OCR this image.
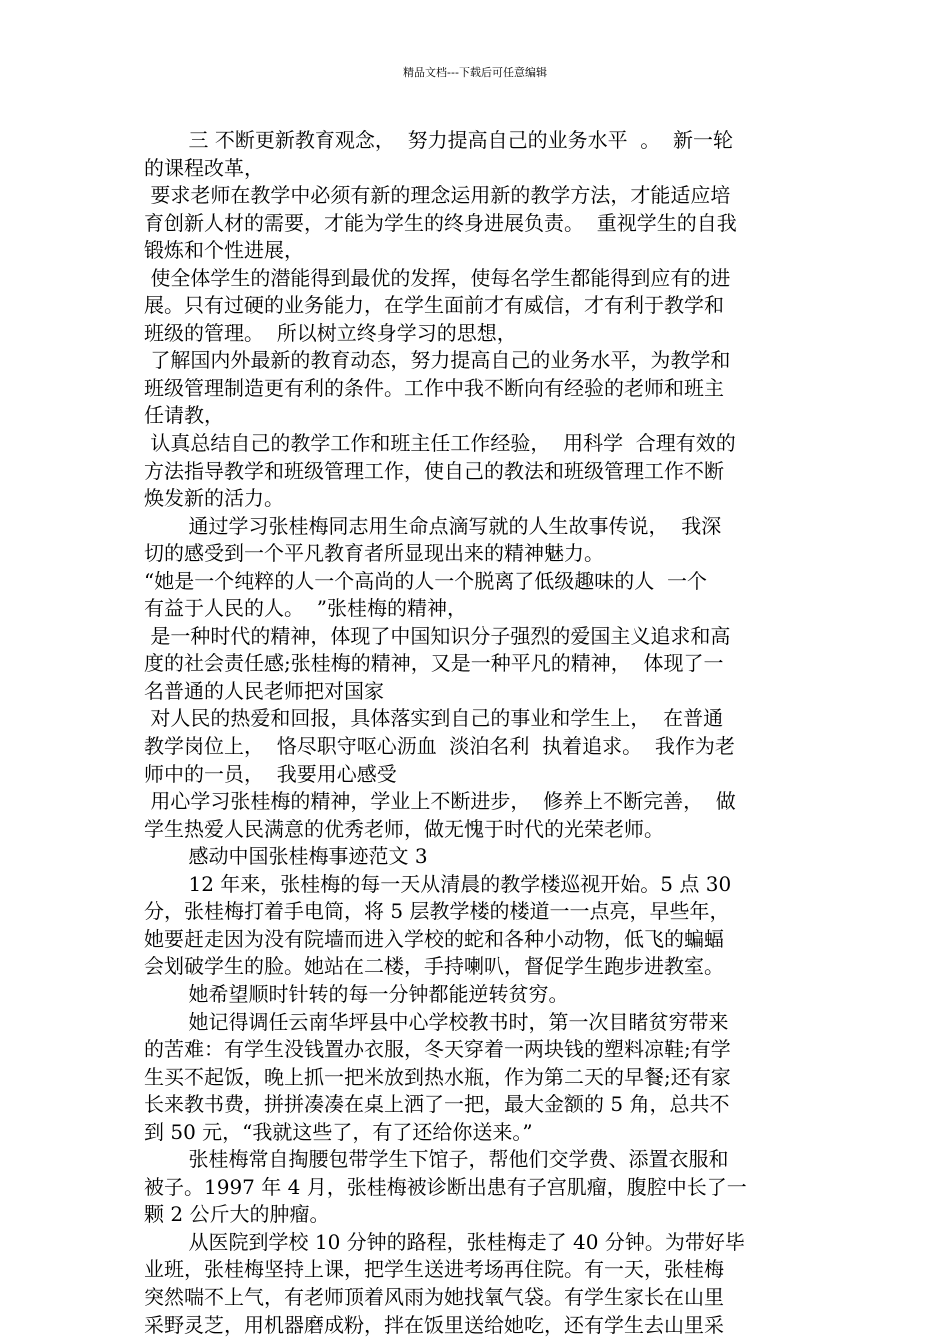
精品文档---下载后可任意编辑
三 不断更新教育观念，  努力提高自己的业务水平  。  新一轮
的课程改革，
要求老师在教学中必须有新的理念运用新的教学方法，才能适应培
育创新人材的需要，才能为学生的终身进展负责。  重视学生的自我
锻炼和个性进展，
使全体学生的潜能得到最优的发挥，使每名学生都能得到应有的进
展。只有过硬的业务能力，在学生面前才有威信，才有利于教学和
班级的管理。  所以树立终身学习的思想，
了解国内外最新的教育动态，努力提高自己的业务水平，为教学和
班级管理制造更有利的条件。工作中我不断向有经验的老师和班主
任请教，
认真总结自己的教学工作和班主任工作经验，  用科学  合理有效的
方法指导教学和班级管理工作，使自己的教法和班级管理工作不断
焕发新的活力。
通过学习张桂梅同志用生命点滴写就的人生故事传说，  我深
切的感受到一个平凡教育者所显现出来的精神魅力。
“她是一个纯粹的人一个高尚的人一个脱离了低级趣味的人  一个
有益于人民的人。  ”张桂梅的精神，
是一种时代的精神，体现了中国知识分子强烈的爱国主义追求和高
度的社会责任感;张桂梅的精神，又是一种平凡的精神，  体现了一
名普通的人民老师把对国家
对人民的热爱和回报，具体落实到自己的事业和学生上，  在普通
教学岗位上，  恪尽职守呕心沥血  淡泊名利  执着追求。  我作为老
师中的一员，  我要用心感受
用心学习张桂梅的精神，学业上不断进步，  修养上不断完善，  做
学生热爱人民满意的优秀老师，做无愧于时代的光荣老师。
感动中国张桂梅事迹范文 3
12 年来，张桂梅的每一天从清晨的教学楼巡视开始。5 点 30
分，张桂梅打着手电筒，将 5 层教学楼的楼道一一点亮，早些年，
她要赶走因为没有院墙而进入学校的蛇和各种小动物，低飞的蝙蝠
会划破学生的脸。她站在二楼，手持喇叭，督促学生跑步进教室。
她希望顺时针转的每一分钟都能逆转贫穷。
她记得调任云南华坪县中心学校教书时，第一次目睹贫穷带来
的苦难：有学生没钱置办衣服，冬天穿着一两块钱的塑料凉鞋;有学
生买不起饭，晚上抓一把米放到热水瓶，作为第二天的早餐;还有家
长来教书费，拼拼凑凑在桌上洒了一把，最大金额的 5 角，总共不
到 50 元，“我就这些了，有了还给你送来。”
张桂梅常自掏腰包带学生下馆子，帮他们交学费、添置衣服和
被子。1997 年 4 月，张桂梅被诊断出患有子宫肌瘤，腹腔中长了一
颗 2 公斤大的肿瘤。
从医院到学校 10 分钟的路程，张桂梅走了 40 分钟。为带好毕
业班，张桂梅坚持上课，把学生送进考场再住院。有一天，张桂梅
突然喘不上气，有老师顶着风雨为她找氧气袋。有学生家长在山里
采野灵芝，用机器磨成粉，拌在饭里送给她吃，还有学生去山里采
